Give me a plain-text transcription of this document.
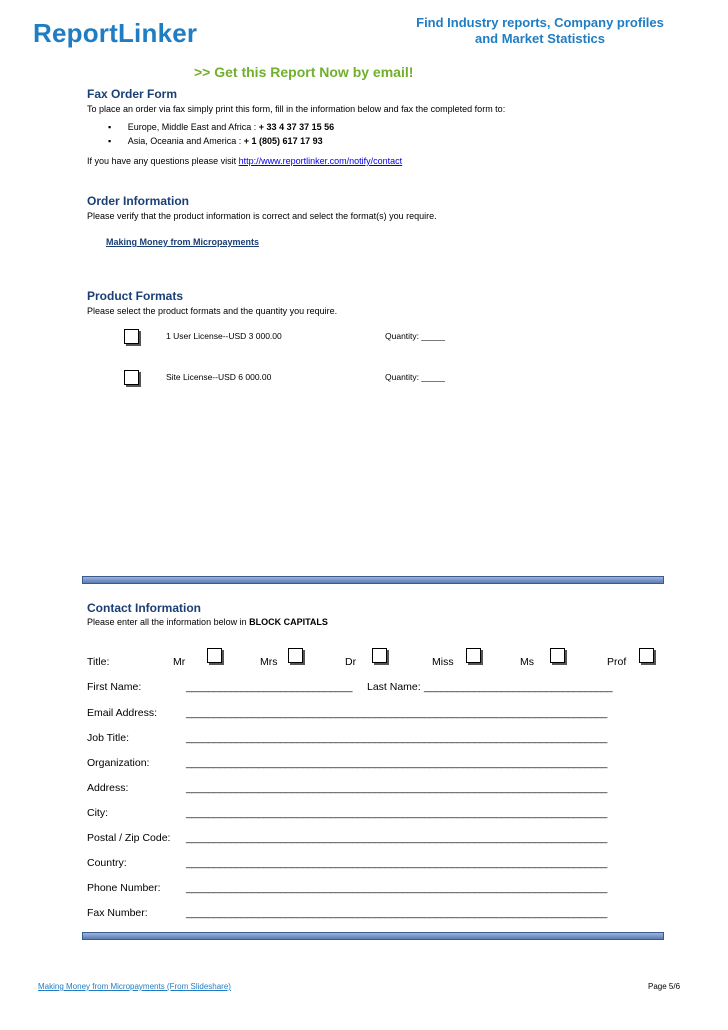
ReportLinker	Find Industry reports, Company profiles
and Market Statistics
>> Get this Report Now by email!
Fax Order Form
To place an order via fax simply print this form, fill in the information below and fax the completed form to:
▪ Europe, Middle East and Africa : + 33 4 37 37 15 56
▪ Asia, Oceania and America : + 1 (805) 617 17 93
If you have any questions please visit http://www.reportlinker.com/notify/contact
Order Information
Please verify that the product information is correct and select the format(s) you require.
Making Money from Micropayments
Product Formats
Please select the product formats and the quantity you require.
1 User License--USD 3 000.00	Quantity: _____
Site License--USD 6 000.00	Quantity: _____
Contact Information
Please enter all the information below in BLOCK CAPITALS
Title:	Mr	Mrs	Dr	Miss	Ms	Prof
First Name:	______________________________ Last Name: __________________________________
Email Address:	____________________________________________________________________________
Job Title:	____________________________________________________________________________
Organization:	____________________________________________________________________________
Address:	____________________________________________________________________________
City:	____________________________________________________________________________
Postal / Zip Code: ____________________________________________________________________________
Country:	____________________________________________________________________________
Phone Number: ____________________________________________________________________________
Fax Number:	____________________________________________________________________________
Making Money from Micropayments (From Slideshare)	Page 5/6
